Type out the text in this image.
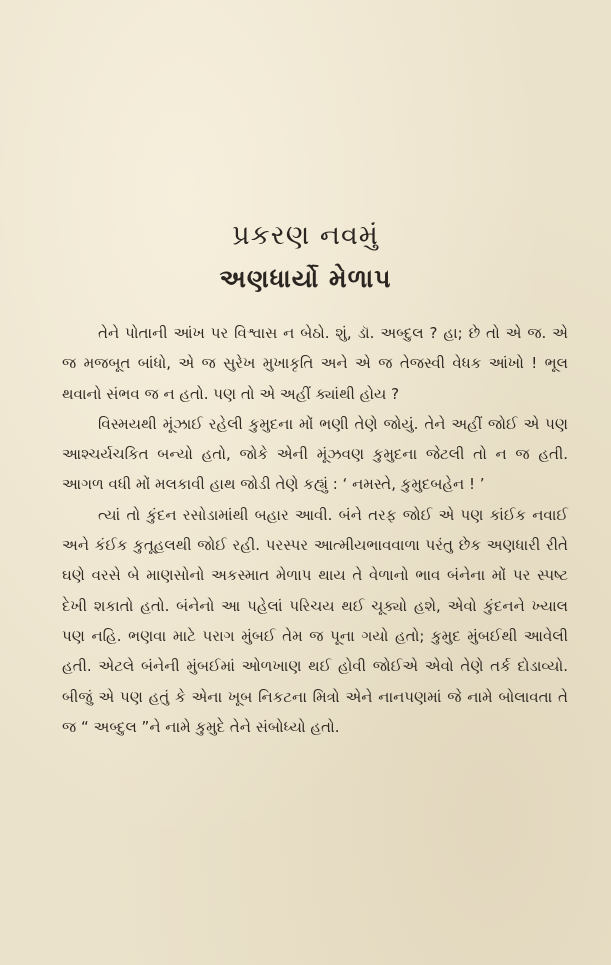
પ્રકરણ નવમું
અણધાર્યો મેળાપ

તેને પોતાની આંખ પર વિશ્વાસ ન બેઠો. શું, ડૉ. અબ્દુલ ? હા; છે તો એ જ. એ જ મજબૂત બાંધો, એ જ સુરેખ મુખાકૃતિ અને એ જ તેજસ્વી વેધક આંખો ! ભૂલ થવાનો સંભવ જ ન હતો. પણ તો એ અહીં ક્યાંથી હોય ?

વિસ્મયથી મૂંઝાઈ રહેલી કુમુદના મોં ભણી તેણે જોયું. તેને અહીં જોઈ એ પણ આશ્ચર્યચકિત બન્યો હતો, જોકે એની મૂંઝવણ કુમુદના જેટલી તો ન જ હતી. આગળ વધી મોં મલકાવી હાથ જોડી તેણે કહ્યું : ‘ નમસ્તે, કુમુદબહેન ! ’

ત્યાં તો કુંદન રસોડામાંથી બહાર આવી. બંને તરફ જોઈ એ પણ કાંઈક નવાઈ અને કંઈક કુતૂહલથી જોઈ રહી. પરસ્પર આત્મીયભાવવાળા પરંતુ છેક અણધારી રીતે ઘણે વરસે બે માણસોનો અકસ્માત મેળાપ થાય તે વેળાનો ભાવ બંનેના મોં પર સ્પષ્ટ દેખી શકાતો હતો. બંનેનો આ પહેલાં પરિચય થઈ ચૂક્યો હશે, એવો કુંદનને ખ્યાલ પણ નહિ. ભણવા માટે પરાગ મુંબઈ તેમ જ પૂના ગયો હતો; કુમુદ મુંબઈથી આવેલી હતી. એટલે બંનેની મુંબઈમાં ઓળખાણ થઈ હોવી જોઈએ એવો તેણે તર્ક દોડાવ્યો. બીજું એ પણ હતું કે એના ખૂબ નિકટના મિત્રો એને નાનપણમાં જે નામે બોલાવતા તે જ “ અબ્દુલ ”ને નામે કુમુદે તેને સંબોધ્યો હતો.
